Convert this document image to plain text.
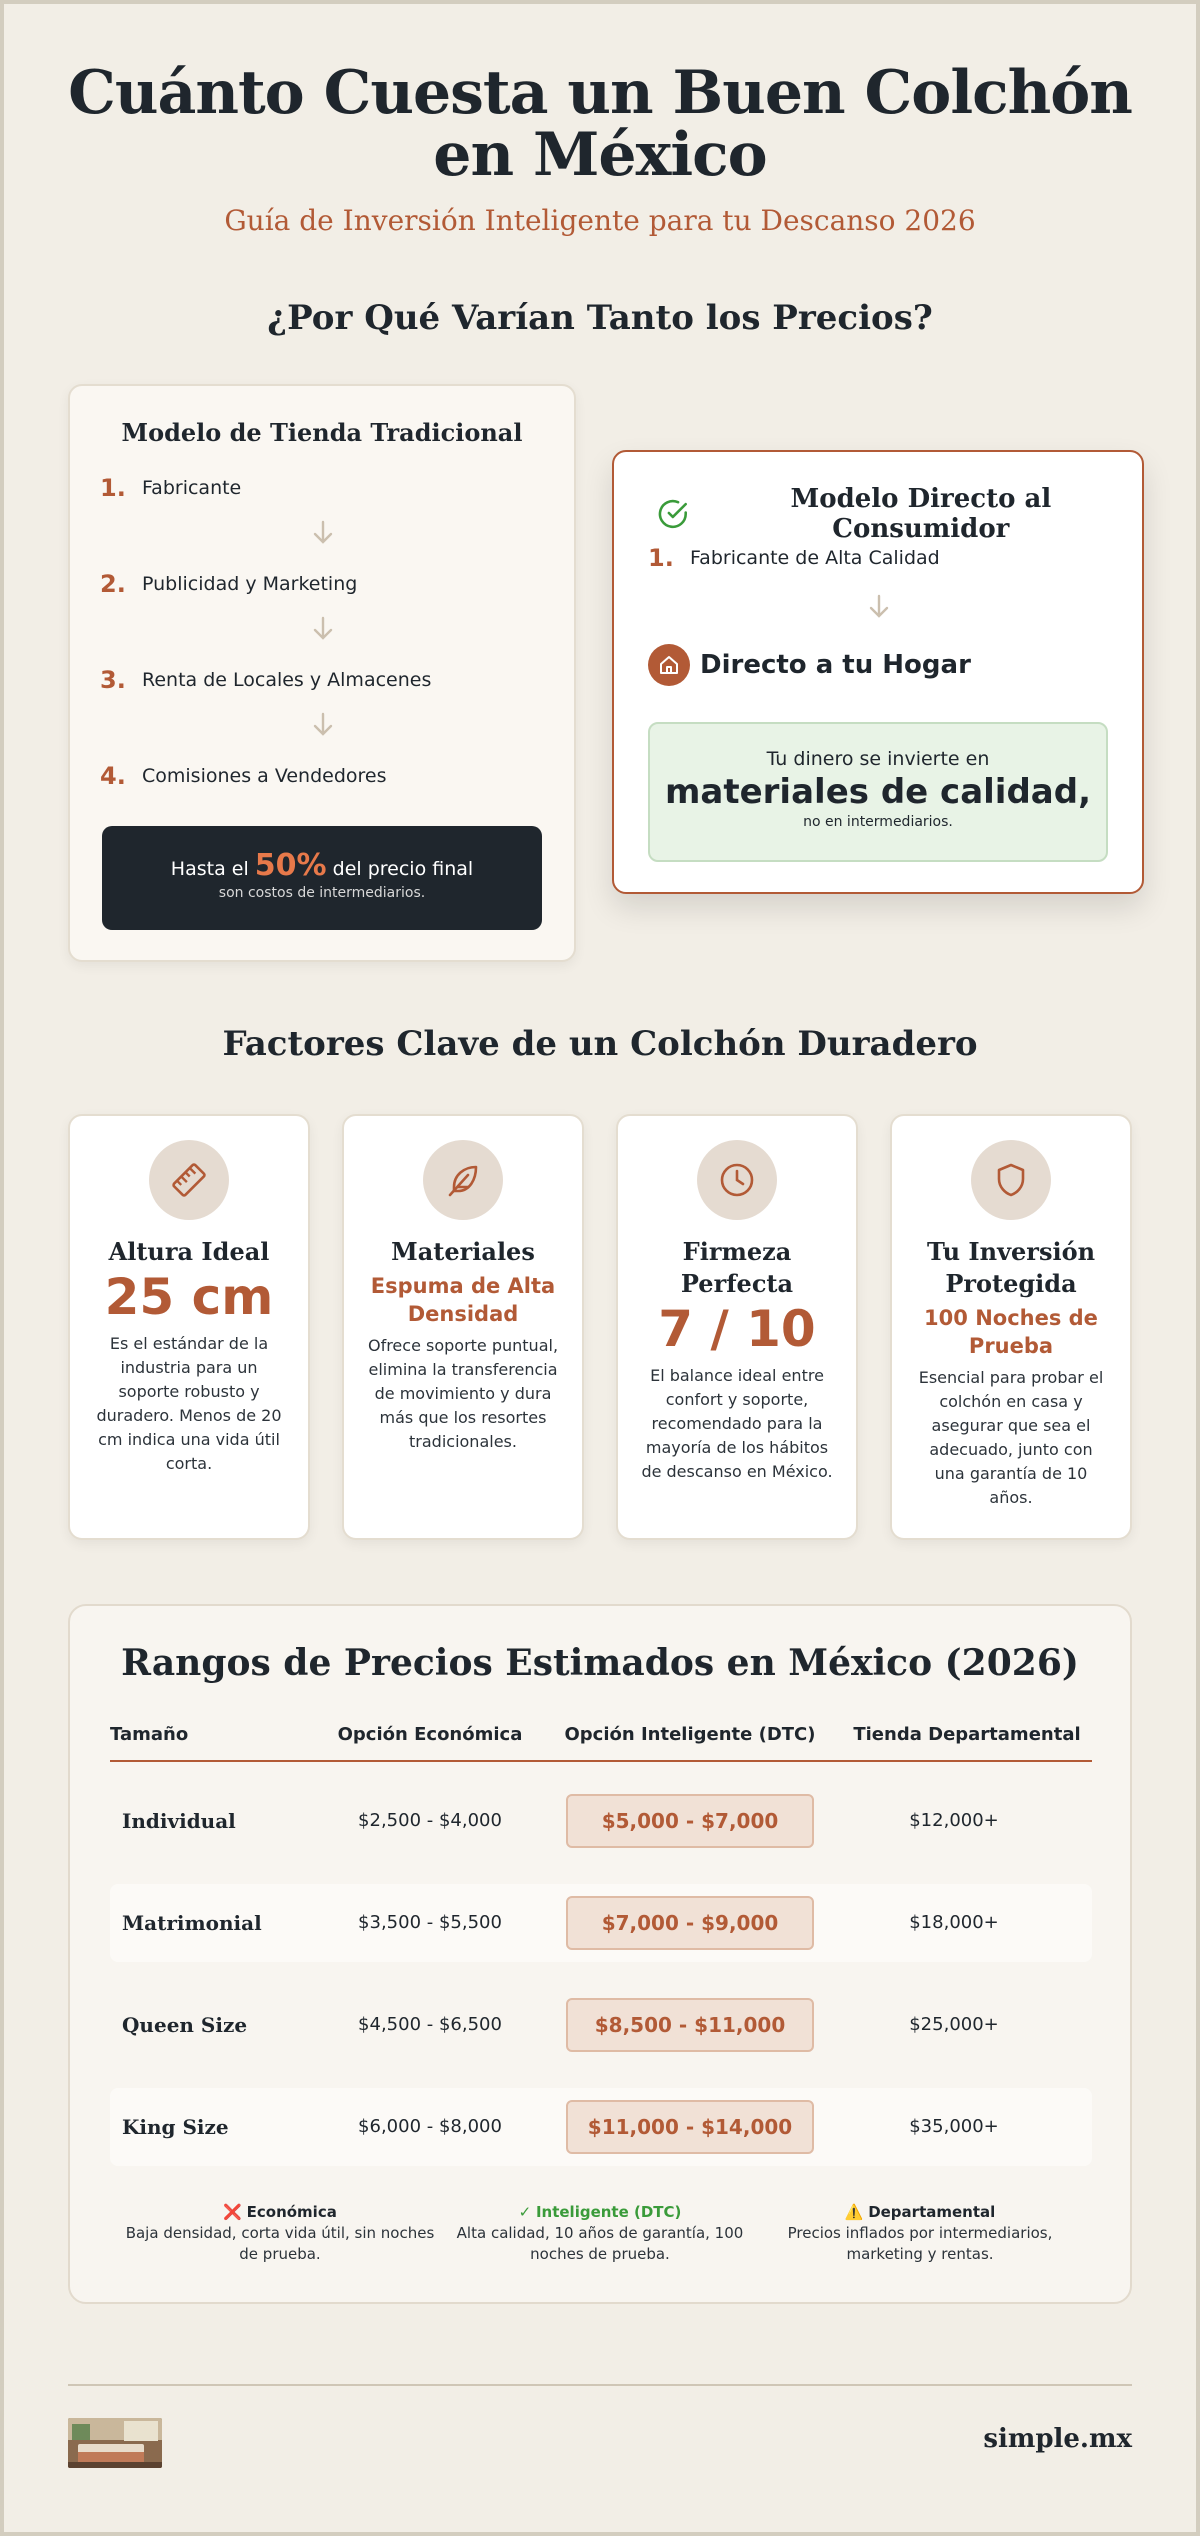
Cuánto Cuesta un Buen Colchón en México
Guía de Inversión Inteligente para tu Descanso 2026
¿Por Qué Varían Tanto los Precios?
Modelo de Tienda Tradicional
1. Fabricante
2. Publicidad y Marketing
3. Renta de Locales y Almacenes
4. Comisiones a Vendedores
Hasta el 50% del precio final
son costos de intermediarios.
Modelo Directo al Consumidor
1. Fabricante de Alta Calidad
Directo a tu Hogar
Tu dinero se invierte en
materiales de calidad,
no en intermediarios.
Factores Clave de un Colchón Duradero
Altura Ideal
25 cm
Es el estándar de la industria para un soporte robusto y duradero. Menos de 20 cm indica una vida útil corta.
Materiales
Espuma de Alta Densidad
Ofrece soporte puntual, elimina la transferencia de movimiento y dura más que los resortes tradicionales.
Firmeza Perfecta
7 / 10
El balance ideal entre confort y soporte, recomendado para la mayoría de los hábitos de descanso en México.
Tu Inversión Protegida
100 Noches de Prueba
Esencial para probar el colchón en casa y asegurar que sea el adecuado, junto con una garantía de 10 años.
Rangos de Precios Estimados en México (2026)
Tamaño	Opción Económica	Opción Inteligente (DTC)	Tienda Departamental
Individual	$2,500 - $4,000	$5,000 - $7,000	$12,000+
Matrimonial	$3,500 - $5,500	$7,000 - $9,000	$18,000+
Queen Size	$4,500 - $6,500	$8,500 - $11,000	$25,000+
King Size	$6,000 - $8,000	$11,000 - $14,000	$35,000+
❌ Económica
Baja densidad, corta vida útil, sin noches de prueba.
✓ Inteligente (DTC)
Alta calidad, 10 años de garantía, 100 noches de prueba.
⚠️ Departamental
Precios inflados por intermediarios, marketing y rentas.
simple.mx
